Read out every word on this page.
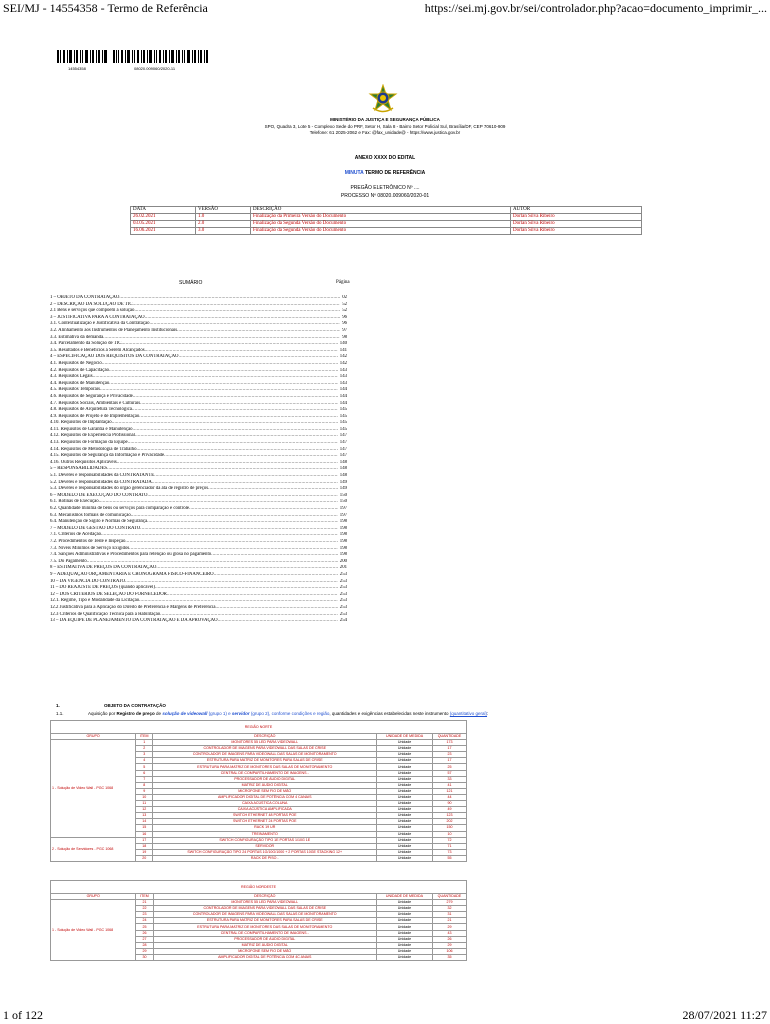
SEI/MJ - 14554358 - Termo de Referência	https://sei.mj.gov.br/sei/controlador.php?acao=documento_imprimir_...
14554358	08020.009060/2020-11
MINISTÉRIO DA JUSTIÇA E SEGURANÇA PÚBLICA
SPO, Quadra 3, Lote 5 - Complexo Sede do PRF, Setor H, Sala 8 - Bairro Setor Policial Sul, Brasília/DF, CEP 70610-909
Telefone: 61 2025-2062 e Fax: @fax_unidade@ - https://www.justica.gov.br
ANEXO XXXX DO EDITAL
MINUTA TERMO DE REFERÊNCIA
PREGÃO ELETRÔNICO Nº ....
PROCESSO Nº 08020.009060/2020-01
DATA	VERSÃO	DESCRIÇÃO	AUTOR
26.02.2021	1.0	Finalização da Primeira Versão do Documento	Dorlan Silva Ribeiro
03.05.2021	2.0	Finalização da Segunda Versão do Documento	Dorlan Silva Ribeiro
16.06.2021	3.0	Finalização da Segunda Versão do Documento	Dorlan Silva Ribeiro
SUMÁRIO	Página
1 – OBJETO DA CONTRATAÇÃO .....	02
2 – DESCRIÇÃO DA SOLUÇÃO DE TIC .....	52
2.1 Bens e serviços que compõem a solução .....	52
3 – JUSTIFICATIVA PARA A CONTRATAÇÃO .....	96
3.1. Contextualização e Justificativa da Contratação .....	96
3.2. Alinhamento aos Instrumentos de Planejamento Institucionais .....	97
3.3. Estimativa da demanda .....	98
3.4. Parcelamento da Solução de TIC .....	140
3.5. Resultados e Benefícios a Serem Alcançados .....	141
4 – ESPECIFICAÇÃO DOS REQUISITOS DA CONTRATAÇÃO .....	142
4.1. Requisitos de Negócio .....	142
4.2. Requisitos de Capacitação .....	143
4.3. Requisitos Legais .....	143
4.4. Requisitos de Manutenção .....	143
4.5. Requisitos Temporais .....	144
4.6. Requisitos de Segurança e Privacidade .....	144
4.7. Requisitos Sociais, Ambientais e Culturais .....	144
4.8. Requisitos de Arquitetura Tecnológica .....	145
4.9. Requisitos de Projeto e de Implementação .....	145
4.10. Requisitos de Implantação .....	145
4.11. Requisitos de Garantia e Manutenção .....	145
4.12. Requisitos de Experiência Profissional .....	147
4.13. Requisitos de Formação da Equipe .....	147
4.14. Requisitos de Metodologia de Trabalho .....	147
4.15. Requisitos de Segurança da Informação e Privacidade .....	147
4.16. Outros Requisitos Aplicáveis .....	148
5 – RESPONSABILIDADES .....	148
5.1. Deveres e responsabilidades da CONTRATANTE .....	148
5.2. Deveres e responsabilidades da CONTRATADA .....	149
5.3. Deveres e responsabilidades do órgão gerenciador da ata de registro de preços .....	149
6 – MODELO DE EXECUÇÃO DO CONTRATO .....	150
6.1. Rotinas de Execução .....	150
6.2. Quantidade mínima de bens ou serviços para comparação e controle .....	197
6.3. Mecanismos formais de comunicação .....	197
6.4. Manutenção de Sigilo e Normas de Segurança .....	198
7 – MODELO DE GESTÃO DO CONTRATO .....	198
7.1. Critérios de Aceitação .....	198
7.2. Procedimentos de Teste e Inspeção .....	198
7.3. Níveis Mínimos de Serviço Exigidos .....	198
7.4. Sanções Administrativas e Procedimentos para retenção ou glosa no pagamento .....	198
7.5. Do Pagamento .....	200
8 – ESTIMATIVA DE PREÇOS DA CONTRATAÇÃO .....	201
9 – ADEQUAÇÃO ORÇAMENTÁRIA E CRONOGRAMA FÍSICO-FINANCEIRO .....	253
10 – DA VIGÊNCIA DO CONTRATO .....	253
11 – DO REAJUSTE DE PREÇOS (quando aplicável) .....	253
12 – DOS CRITÉRIOS DE SELEÇÃO DO FORNECEDOR .....	253
12.1. Regime, Tipo e Modalidade da Licitação .....	253
12.2 Justificativa para a Aplicação do Direito de Preferência e Margens de Preferência .....	253
12.3 Critérios de Qualificação Técnica para a Habilitação .....	253
13 – DA EQUIPE DE PLANEJAMENTO DA CONTRATAÇÃO E DA APROVAÇÃO .....	254
1.	OBJETO DA CONTRATAÇÃO
1.1.	Aquisição por Registro de preço de solução de videowall (grupo 1) e servidor (grupo 2), conforme condições e região, quantidades e exigências estabelecidas neste instrumento (quantitativo geral):
REGIÃO NORTE				
GRUPO	ITEM	DESCRIÇÃO	UNIDADE DE MEDIDA	QUANTIDADE
1 - Solução de Video Wall - PGC 1068	1	MONITORES 55 LED PARA VIDEOWALL	Unidade	173
	2	CONTROLADOR DE IMAGENS PARA VIDEOWALL DAS SALAS DE CRISE	Unidade	17
	3	CONTROLADOR DE IMAGENS PARA VIDEOWALL DAS SALAS DE MONITORAMENTO	Unidade	23
	4	ESTRUTURA PARA MATRIZ DE MONITORES PARA SALAS DE CRISE	Unidade	17
	5	ESTRUTURA PARA MATRIZ DE MONITORES DAS SALAS DE MONITORAMENTO	Unidade	25
	6	CENTRAL DE COMPARTILHAMENTO DE IMAGENS -	Unidade	57
	7	PROCESSADOR DE ÁUDIO DIGITAL	Unidade	33
	8	MATRIZ DE ÁUDIO DIGITAL	Unidade	41
	9	MICROFONE SEM FIO DE MÃO	Unidade	121
	10	AMPLIFICADOR DIGITAL DE POTÊNCIA COM 4 CANAIS	Unidade	44
	11	CAIXA ACÚSTICA COLUNA	Unidade	90
	12	CAIXA ACÚSTICA AMPLIFICADA	Unidade	49
	13	SWITCH ETHERNET 48 PORTAS POE	Unidade	123
	14	SWITCH ETHERNET 24 PORTAS POE	Unidade	202
	15	RACK 19 UR	Unidade	150
	16	TREINAMENTO	Unidade	10
2 - Solução de Servidores - PGC 1068	17	SWITCH CONFIGURAÇÃO TIPO 1E PORTAS 1/10G 1E	Unidade	72
	18	SERVIDOR	Unidade	71
	19	SWITCH CONFIGURAÇÃO TIPO 24 PORTAS 1G/10G/1000 + 2 PORTAS 10GE STACKING 12+	Unidade	73
	20	RACK DE PISO -	Unidade	55
REGIÃO NORDESTE				
GRUPO	ITEM	DESCRIÇÃO	UNIDADE DE MEDIDA	QUANTIDADE
1 - Solução de Video Wall - PGC 1068	21	MONITORES 55 LED PARA VIDEOWALL	Unidade	279
	22	CONTROLADOR DE IMAGENS PARA VIDEOWALL DAS SALAS DE CRISE	Unidade	32
	23	CONTROLADOR DE IMAGENS PARA VIDEOWALL DAS SALAS DE MONITORAMENTO	Unidade	31
	24	ESTRUTURA PARA MATRIZ DE MONITORES PARA SALAS DE CRISE	Unidade	21
	25	ESTRUTURA PARA MATRIZ DE MONITORES DAS SALAS DE MONITORAMENTO	Unidade	29
	26	CENTRAL DE COMPARTILHAMENTO DE IMAGENS -	Unidade	43
	27	PROCESSADOR DE ÁUDIO DIGITAL	Unidade	26
	28	MATRIZ DE ÁUDIO DIGITAL	Unidade	29
	29	MICROFONE SEM FIO DE MÃO	Unidade	106
	30	AMPLIFICADOR DIGITAL DE POTÊNCIA COM 4C ANAIS	Unidade	35
1 of 122	28/07/2021 11:27
